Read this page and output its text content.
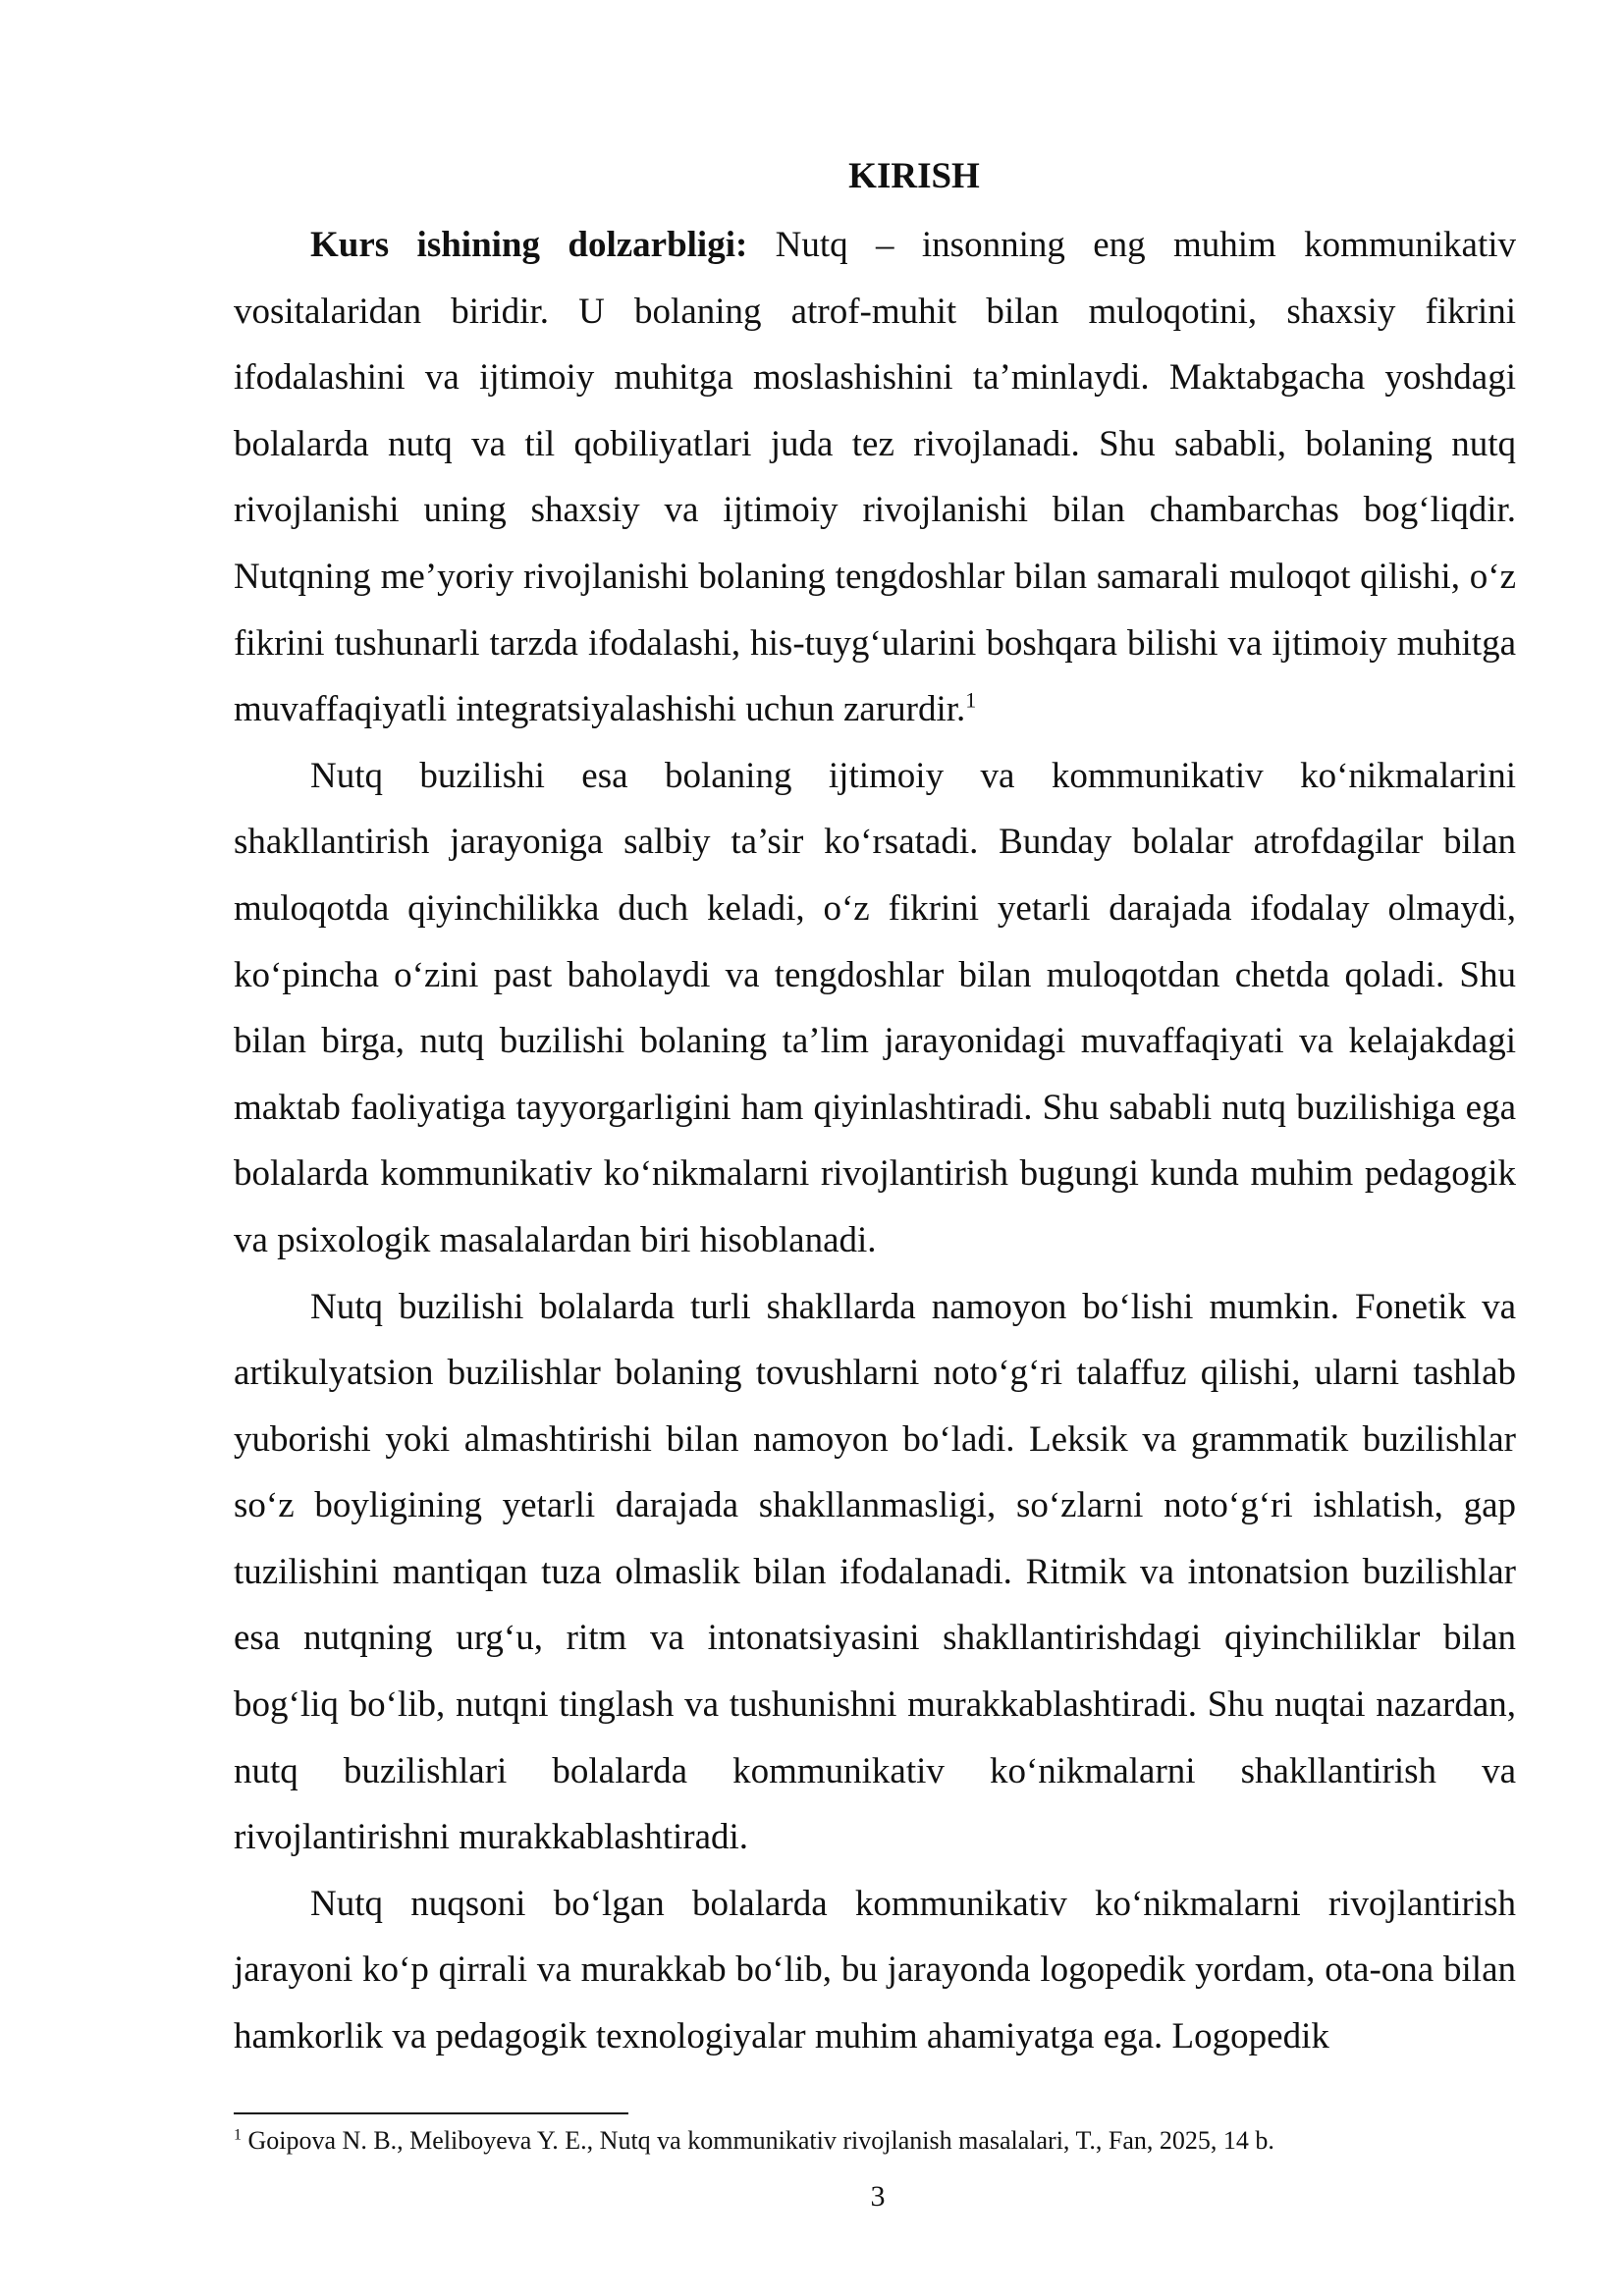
KIRISH

Kurs ishining dolzarbligi: Nutq – insonning eng muhim kommunikativ vositalaridan biridir. U bolaning atrof-muhit bilan muloqotini, shaxsiy fikrini ifodalashini va ijtimoiy muhitga moslashishini ta’minlaydi. Maktabgacha yoshdagi bolalarda nutq va til qobiliyatlari juda tez rivojlanadi. Shu sababli, bolaning nutq rivojlanishi uning shaxsiy va ijtimoiy rivojlanishi bilan chambarchas bog‘liqdir. Nutqning me’yoriy rivojlanishi bolaning tengdoshlar bilan samarali muloqot qilishi, o‘z fikrini tushunarli tarzda ifodalashi, his-tuyg‘ularini boshqara bilishi va ijtimoiy muhitga muvaffaqiyatli integratsiyalashishi uchun zarurdir.$^1$

Nutq buzilishi esa bolaning ijtimoiy va kommunikativ ko‘nikmalarini shakllantirish jarayoniga salbiy ta’sir ko‘rsatadi. Bunday bolalar atrofdagilar bilan muloqotda qiyinchilikka duch keladi, o‘z fikrini yetarli darajada ifodalay olmaydi, ko‘pincha o‘zini past baholaydi va tengdoshlar bilan muloqotdan chetda qoladi. Shu bilan birga, nutq buzilishi bolaning ta’lim jarayonidagi muvaffaqiyati va kelajakdagi maktab faoliyatiga tayyorgarligini ham qiyinlashtiradi. Shu sababli nutq buzilishiga ega bolalarda kommunikativ ko‘nikmalarni rivojlantirish bugungi kunda muhim pedagogik va psixologik masalalardan biri hisoblanadi.

Nutq buzilishi bolalarda turli shakllarda namoyon bo‘lishi mumkin. Fonetik va artikulyatsion buzilishlar bolaning tovushlarni noto‘g‘ri talaffuz qilishi, ularni tashlab yuborishi yoki almashtirishi bilan namoyon bo‘ladi. Leksik va grammatik buzilishlar so‘z boyligining yetarli darajada shakllanmasligi, so‘zlarni noto‘g‘ri ishlatish, gap tuzilishini mantiqan tuza olmaslik bilan ifodalanadi. Ritmik va intonatsion buzilishlar esa nutqning urg‘u, ritm va intonatsiyasini shakllantirishdagi qiyinchiliklar bilan bog‘liq bo‘lib, nutqni tinglash va tushunishni murakkablashtiradi. Shu nuqtai nazardan, nutq buzilishlari bolalarda kommunikativ ko‘nikmalarni shakllantirish va rivojlantirishni murakkablashtiradi.

Nutq nuqsoni bo‘lgan bolalarda kommunikativ ko‘nikmalarni rivojlantirish jarayoni ko‘p qirrali va murakkab bo‘lib, bu jarayonda logopedik yordam, ota-ona bilan hamkorlik va pedagogik texnologiyalar muhim ahamiyatga ega. Logopedik

$^1$ Goipova N. B., Meliboyeva Y. E., Nutq va kommunikativ rivojlanish masalalari, T., Fan, 2025, 14 b.
3
